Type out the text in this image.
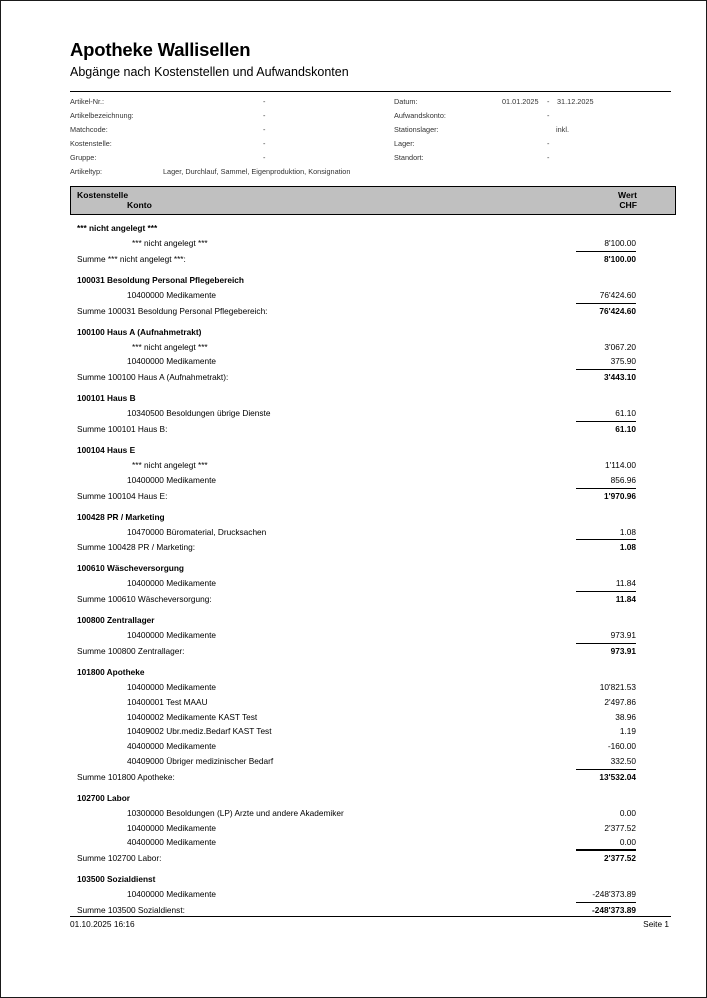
Apotheke Wallisellen
Abgänge nach Kostenstellen und Aufwandskonten
Artikel-Nr.:	-
Artikelbezeichnung:	-
Matchcode:	-
Kostenstelle:	-
Gruppe:	-
Artikeltyp:	Lager, Durchlauf, Sammel, Eigenproduktion, Konsignation
Datum:	01.01.2025 - 31.12.2025
Aufwandskonto:	-
Stationslager:	inkl.
Lager:	-
Standort:	-
Kostenstelle
Konto
Wert
CHF
*** nicht angelegt ***
*** nicht angelegt ***	8'100.00
Summe *** nicht angelegt ***:	8'100.00
100031 Besoldung Personal Pflegebereich
10400000 Medikamente	76'424.60
Summe 100031 Besoldung Personal Pflegebereich:	76'424.60
100100 Haus A (Aufnahmetrakt)
*** nicht angelegt ***	3'067.20
10400000 Medikamente	375.90
Summe 100100 Haus A (Aufnahmetrakt):	3'443.10
100101 Haus B
10340500 Besoldungen übrige Dienste	61.10
Summe 100101 Haus B:	61.10
100104 Haus E
*** nicht angelegt ***	1'114.00
10400000 Medikamente	856.96
Summe 100104 Haus E:	1'970.96
100428 PR / Marketing
10470000 Büromaterial, Drucksachen	1.08
Summe 100428 PR / Marketing:	1.08
100610 Wäscheversorgung
10400000 Medikamente	11.84
Summe 100610 Wäscheversorgung:	11.84
100800 Zentrallager
10400000 Medikamente	973.91
Summe 100800 Zentrallager:	973.91
101800 Apotheke
10400000 Medikamente	10'821.53
10400001 Test MAAU	2'497.86
10400002 Medikamente KAST Test	38.96
10409002 Ubr.mediz.Bedarf KAST Test	1.19
40400000 Medikamente	-160.00
40409000 Übriger medizinischer Bedarf	332.50
Summe 101800 Apotheke:	13'532.04
102700 Labor
10300000 Besoldungen (LP) Arzte und andere Akademiker	0.00
10400000 Medikamente	2'377.52
40400000 Medikamente	0.00
Summe 102700 Labor:	2'377.52
103500 Sozialdienst
10400000 Medikamente	-248'373.89
Summe 103500 Sozialdienst:	-248'373.89
01.10.2025 16:16	Seite 1
